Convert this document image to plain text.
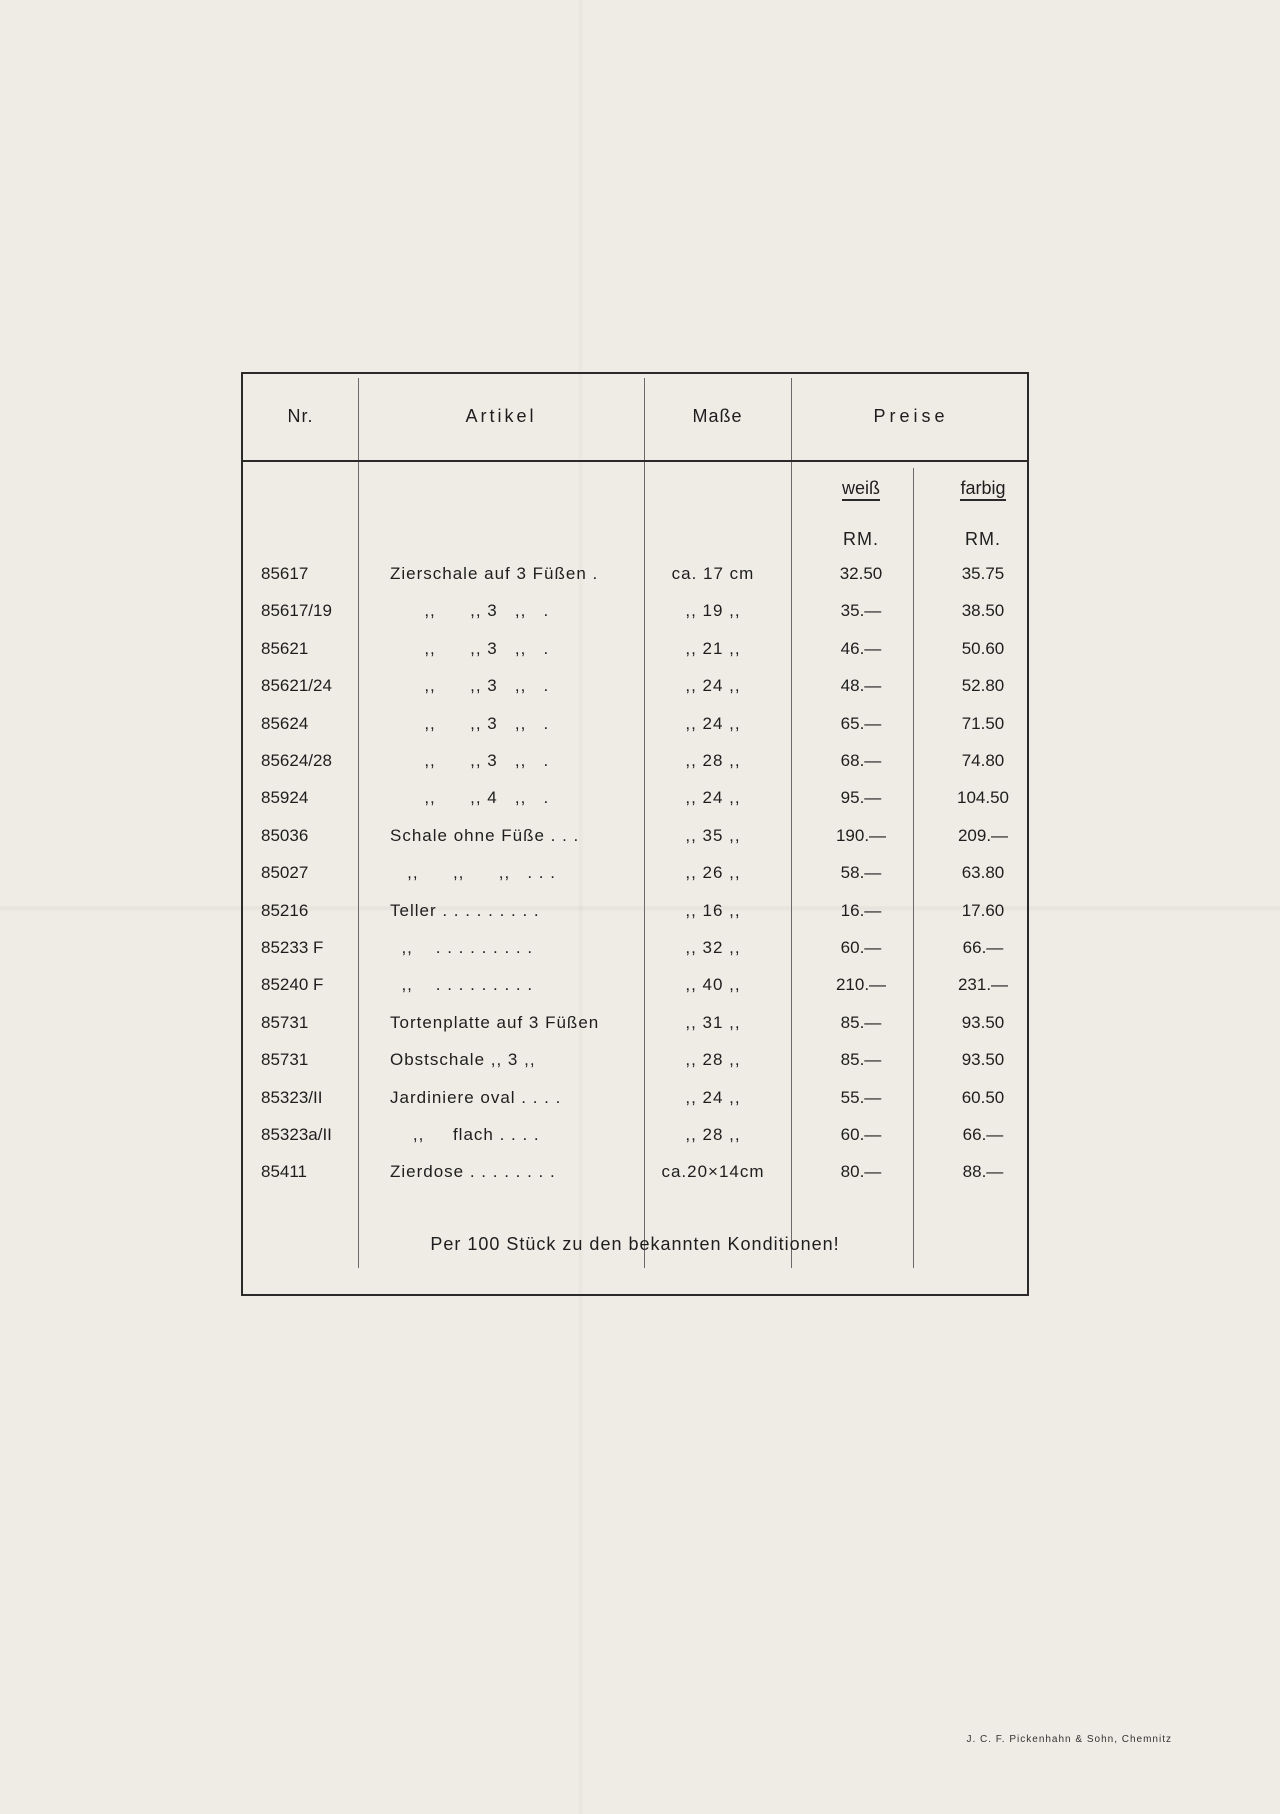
Nr.	Artikel	Maße	Preise
weiß	farbig
RM.	RM.
85617	Zierschale auf 3 Füßen .	ca. 17 cm	32.50	35.75
85617/19	,,      ,, 3   ,,   .	,, 19 ,,	35.—	38.50
85621	,,      ,, 3   ,,   .	,, 21 ,,	46.—	50.60
85621/24	,,      ,, 3   ,,   .	,, 24 ,,	48.—	52.80
85624	,,      ,, 3   ,,   .	,, 24 ,,	65.—	71.50
85624/28	,,      ,, 3   ,,   .	,, 28 ,,	68.—	74.80
85924	,,      ,, 4   ,,   .	,, 24 ,,	95.—	104.50
85036	Schale ohne Füße . . .	,, 35 ,,	190.—	209.—
85027	,,      ,,      ,,   . . .	,, 26 ,,	58.—	63.80
85216	Teller . . . . . . . . .	,, 16 ,,	16.—	17.60
85233 F	,,    . . . . . . . . .	,, 32 ,,	60.—	66.—
85240 F	,,    . . . . . . . . .	,, 40 ,,	210.—	231.—
85731	Tortenplatte auf 3 Füßen	,, 31 ,,	85.—	93.50
85731	Obstschale ,, 3 ,,	,, 28 ,,	85.—	93.50
85323/II	Jardiniere oval . . . .	,, 24 ,,	55.—	60.50
85323a/II	,,     flach . . . .	,, 28 ,,	60.—	66.—
85411	Zierdose . . . . . . . .	ca.20×14cm	80.—	88.—
Per 100 Stück zu den bekannten Konditionen!
J. C. F. Pickenhahn & Sohn, Chemnitz
